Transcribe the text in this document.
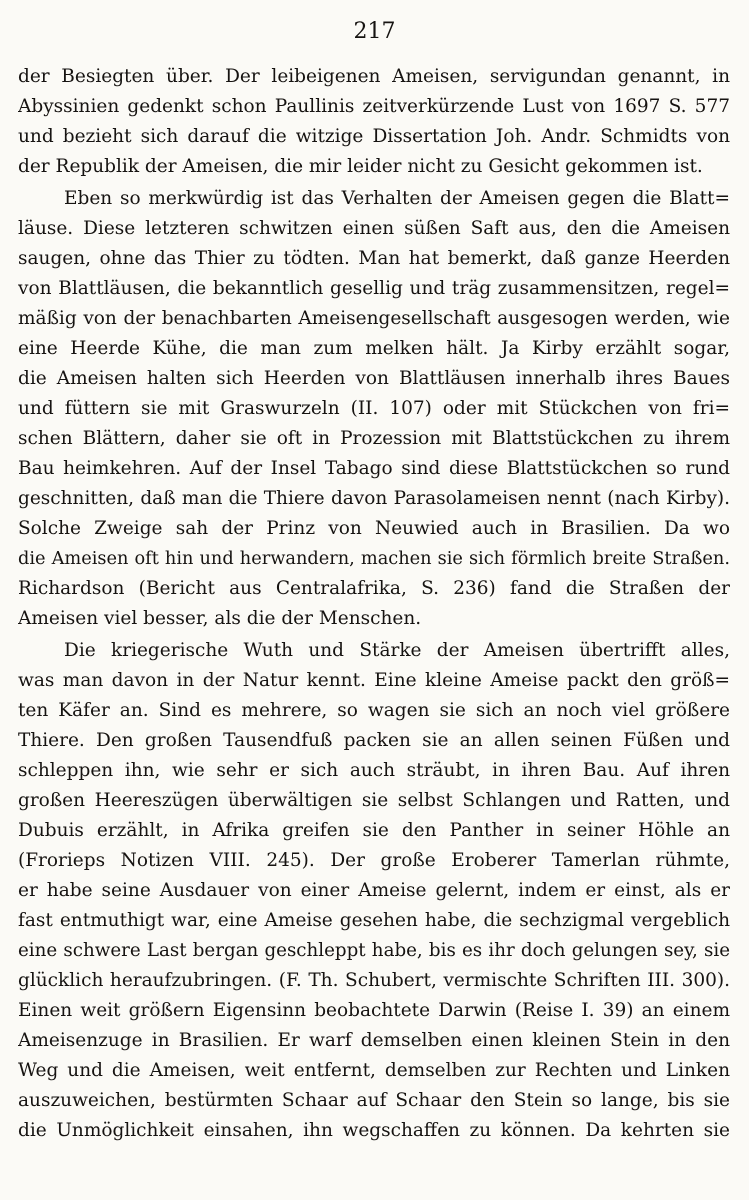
217
der Besiegten über. Der leibeigenen Ameisen, servigundan genannt, in
Abyssinien gedenkt schon Paullinis zeitverkürzende Lust von 1697 S. 577
und bezieht sich darauf die witzige Dissertation Joh. Andr. Schmidts von
der Republik der Ameisen, die mir leider nicht zu Gesicht gekommen ist.
Eben so merkwürdig ist das Verhalten der Ameisen gegen die Blatt=
läuse. Diese letzteren schwitzen einen süßen Saft aus, den die Ameisen
saugen, ohne das Thier zu tödten. Man hat bemerkt, daß ganze Heerden
von Blattläusen, die bekanntlich gesellig und träg zusammensitzen, regel=
mäßig von der benachbarten Ameisengesellschaft ausgesogen werden, wie
eine Heerde Kühe, die man zum melken hält. Ja Kirby erzählt sogar,
die Ameisen halten sich Heerden von Blattläusen innerhalb ihres Baues
und füttern sie mit Graswurzeln (II. 107) oder mit Stückchen von fri=
schen Blättern, daher sie oft in Prozession mit Blattstückchen zu ihrem
Bau heimkehren. Auf der Insel Tabago sind diese Blattstückchen so rund
geschnitten, daß man die Thiere davon Parasolameisen nennt (nach Kirby).
Solche Zweige sah der Prinz von Neuwied auch in Brasilien. Da wo
die Ameisen oft hin und herwandern, machen sie sich förmlich breite Straßen.
Richardson (Bericht aus Centralafrika, S. 236) fand die Straßen der
Ameisen viel besser, als die der Menschen.
Die kriegerische Wuth und Stärke der Ameisen übertrifft alles,
was man davon in der Natur kennt. Eine kleine Ameise packt den größ=
ten Käfer an. Sind es mehrere, so wagen sie sich an noch viel größere
Thiere. Den großen Tausendfuß packen sie an allen seinen Füßen und
schleppen ihn, wie sehr er sich auch sträubt, in ihren Bau. Auf ihren
großen Heereszügen überwältigen sie selbst Schlangen und Ratten, und
Dubuis erzählt, in Afrika greifen sie den Panther in seiner Höhle an
(Frorieps Notizen VIII. 245). Der große Eroberer Tamerlan rühmte,
er habe seine Ausdauer von einer Ameise gelernt, indem er einst, als er
fast entmuthigt war, eine Ameise gesehen habe, die sechzigmal vergeblich
eine schwere Last bergan geschleppt habe, bis es ihr doch gelungen sey, sie
glücklich heraufzubringen. (F. Th. Schubert, vermischte Schriften III. 300).
Einen weit größern Eigensinn beobachtete Darwin (Reise I. 39) an einem
Ameisenzuge in Brasilien. Er warf demselben einen kleinen Stein in den
Weg und die Ameisen, weit entfernt, demselben zur Rechten und Linken
auszuweichen, bestürmten Schaar auf Schaar den Stein so lange, bis sie
die Unmöglichkeit einsahen, ihn wegschaffen zu können. Da kehrten sie
